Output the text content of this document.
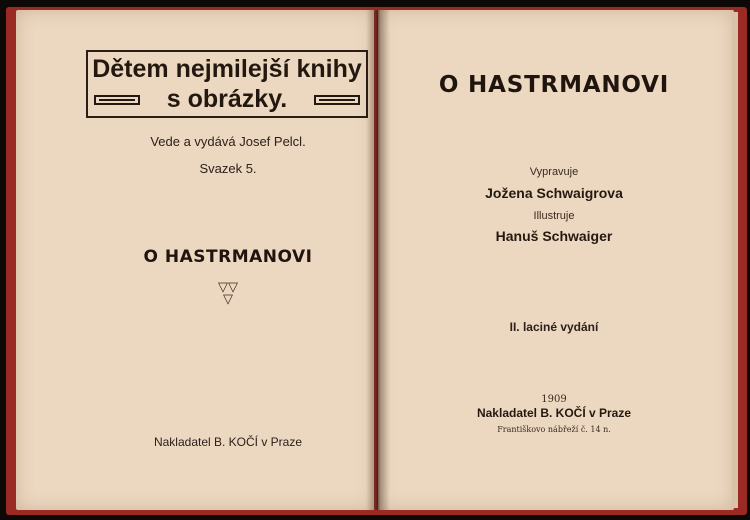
Dětem nejmilejší knihy
s obrázky.
Vede a vydává Josef Pelcl.
Svazek 5.
O HASTRMANOVI
▽▽
▽
Nakladatel B. KOČÍ v Praze
O HASTRMANOVI
Vypravuje
Jožena Schwaigrova
Illustruje
Hanuš Schwaiger
II. laciné vydání
1909
Nakladatel B. KOČÍ v Praze
Františkovo nábřeží č. 14 n.
